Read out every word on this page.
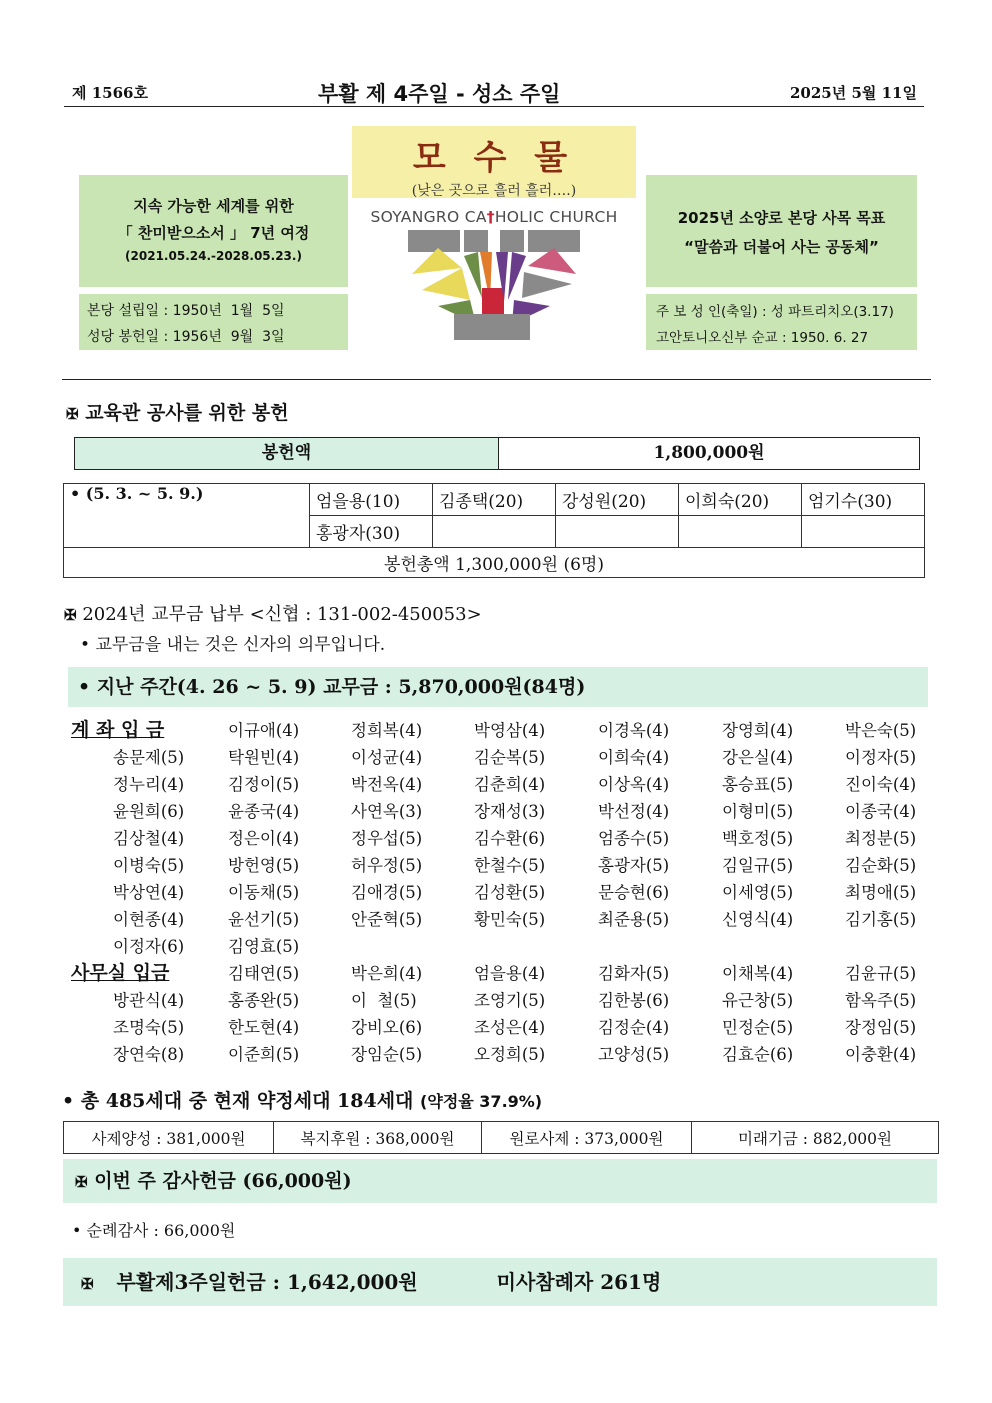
제 1566호	부활 제 4주일 - 성소 주일	2025년 5월 11일
모 수 물
(낮은 곳으로 흘러 흘러….)
SOYANGRO CA†HOLIC CHURCH
지속 가능한 세계를 위한
「 찬미받으소서 」 7년 여정
(2021.05.24.-2028.05.23.)
본당 설립일 : 1950년  1월  5일
성당 봉헌일 : 1956년  9월  3일
2025년 소양로 본당 사목 목표
“말씀과 더불어 사는 공동체”
주 보 성 인(축일) : 성 파트리치오(3.17)
고안토니오신부 순교 : 1950. 6. 27
✠ 교육관 공사를 위한 봉헌
봉헌액	1,800,000원
• (5. 3. ~ 5. 9.)	엄을용(10)	김종택(20)	강성원(20)	이희숙(20)	엄기수(30)
	홍광자(30)				
봉헌총액 1,300,000원 (6명)					
✠ 2024년 교무금 납부 <신협 : 131-002-450053>
• 교무금을 내는 것은 신자의 의무입니다.
• 지난 주간(4. 26 ~ 5. 9) 교무금 : 5,870,000원(84명)
계 좌 입 금	이규애(4)	정희복(4)	박영삼(4)	이경옥(4)	장영희(4)	박은숙(5)
송문제(5)	탁원빈(4)	이성균(4)	김순복(5)	이희숙(4)	강은실(4)	이정자(5)
정누리(4)	김정이(5)	박전옥(4)	김춘희(4)	이상옥(4)	홍승표(5)	진이숙(4)
윤원희(6)	윤종국(4)	사연옥(3)	장재성(3)	박선정(4)	이형미(5)	이종국(4)
김상철(4)	정은이(4)	정우섭(5)	김수환(6)	엄종수(5)	백호정(5)	최정분(5)
이병숙(5)	방헌영(5)	허우정(5)	한철수(5)	홍광자(5)	김일규(5)	김순화(5)
박상연(4)	이동채(5)	김애경(5)	김성환(5)	문승현(6)	이세영(5)	최명애(5)
이현종(4)	윤선기(5)	안준혁(5)	황민숙(5)	최준용(5)	신영식(4)	김기홍(5)
이정자(6)	김영효(5)
사무실 입금	김태연(5)	박은희(4)	엄을용(4)	김화자(5)	이채복(4)	김윤규(5)
방관식(4)	홍종완(5)	이  철(5)	조영기(5)	김한봉(6)	유근창(5)	함옥주(5)
조명숙(5)	한도현(4)	강비오(6)	조성은(4)	김정순(4)	민정순(5)	장정임(5)
장연숙(8)	이준희(5)	장임순(5)	오정희(5)	고양성(5)	김효순(6)	이충환(4)
• 총 485세대 중 현재 약정세대 184세대 (약정율 37.9%)
사제양성 : 381,000원	복지후원 : 368,000원	원로사제 : 373,000원	미래기금 : 882,000원
✠ 이번 주 감사헌금 (66,000원)
• 순례감사 : 66,000원
✠ 부활제3주일헌금 : 1,642,000원	미사참례자 261명
